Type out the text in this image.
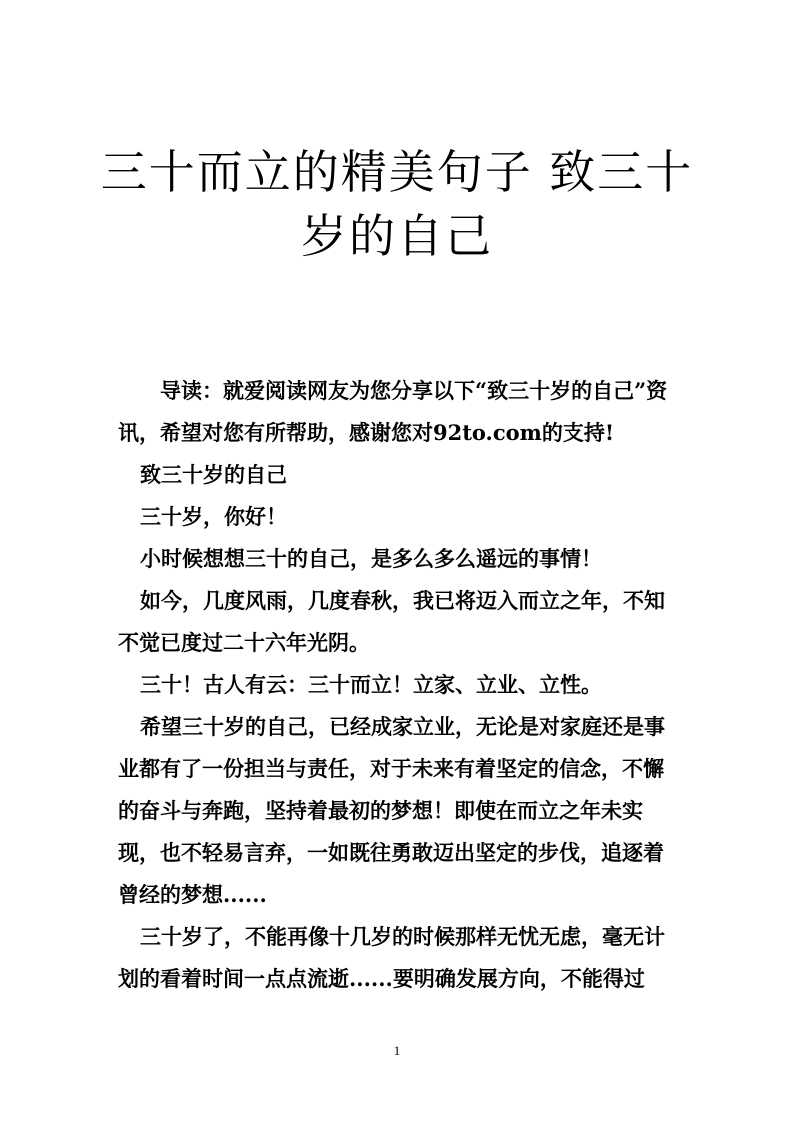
三十而立的精美句子 致三十岁的自己

导读：就爱阅读网友为您分享以下“致三十岁的自己”资讯，希望对您有所帮助，感谢您对92to.com的支持!

致三十岁的自己

三十岁，你好！

小时候想想三十的自己，是多么多么遥远的事情！

如今，几度风雨，几度春秋，我已将迈入而立之年，不知不觉已度过二十六年光阴。

三十！古人有云：三十而立！立家、立业、立性。

希望三十岁的自己，已经成家立业，无论是对家庭还是事业都有了一份担当与责任，对于未来有着坚定的信念，不懈的奋斗与奔跑，坚持着最初的梦想！即使在而立之年未实现，也不轻易言弃，一如既往勇敢迈出坚定的步伐，追逐着曾经的梦想......

三十岁了，不能再像十几岁的时候那样无忧无虑，毫无计划的看着时间一点点流逝......要明确发展方向，不能得过

1
